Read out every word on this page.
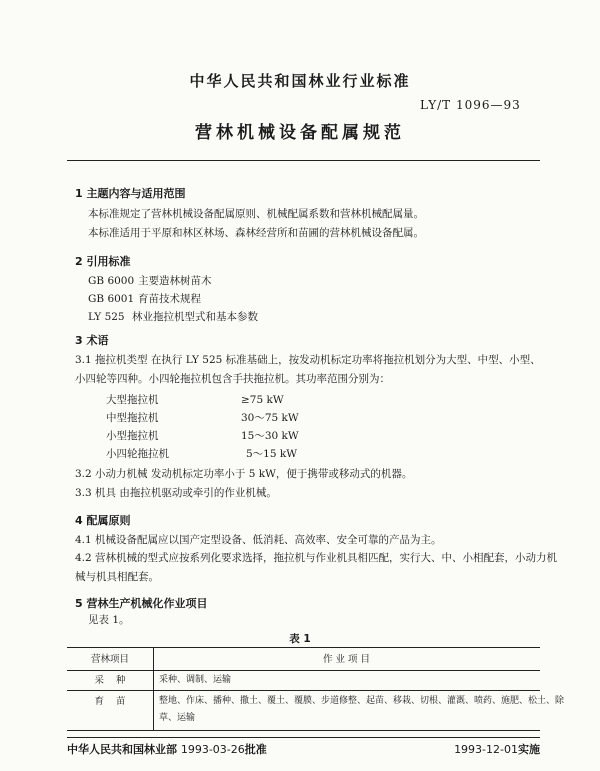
中华人民共和国林业行业标准
LY/T 1096—93
营林机械设备配属规范
1 主题内容与适用范围
本标准规定了营林机械设备配属原则、机械配属系数和营林机械配属量。
本标准适用于平原和林区林场、森林经营所和苗圃的营林机械设备配属。
2 引用标准
GB 6000 主要造林树苗木
GB 6001 育苗技术规程
LY 525 林业拖拉机型式和基本参数
3 术语
3.1 拖拉机类型 在执行 LY 525 标准基础上，按发动机标定功率将拖拉机划分为大型、中型、小型、
小四轮等四种。小四轮拖拉机包含手扶拖拉机。其功率范围分别为：
大型拖拉机	≥75 kW
中型拖拉机	30～75 kW
小型拖拉机	15～30 kW
小四轮拖拉机	5～15 kW
3.2 小动力机械 发动机标定功率小于 5 kW，便于携带或移动式的机器。
3.3 机具 由拖拉机驱动或牵引的作业机械。
4 配属原则
4.1 机械设备配属应以国产定型设备、低消耗、高效率、安全可靠的产品为主。
4.2 营林机械的型式应按系列化要求选择，拖拉机与作业机具相匹配，实行大、中、小相配套，小动力机
械与机具相配套。
5 营林生产机械化作业项目
见表 1。
表 1
营林项目	作 业 项 目
采    种	采种、调制、运输
育    苗	整地、作床、播种、撒土、覆土、覆膜、步道修整、起苗、移栽、切根、灌溉、喷药、施肥、松土、除
草、运输
中华人民共和国林业部 1993-03-26批准	1993-12-01实施
